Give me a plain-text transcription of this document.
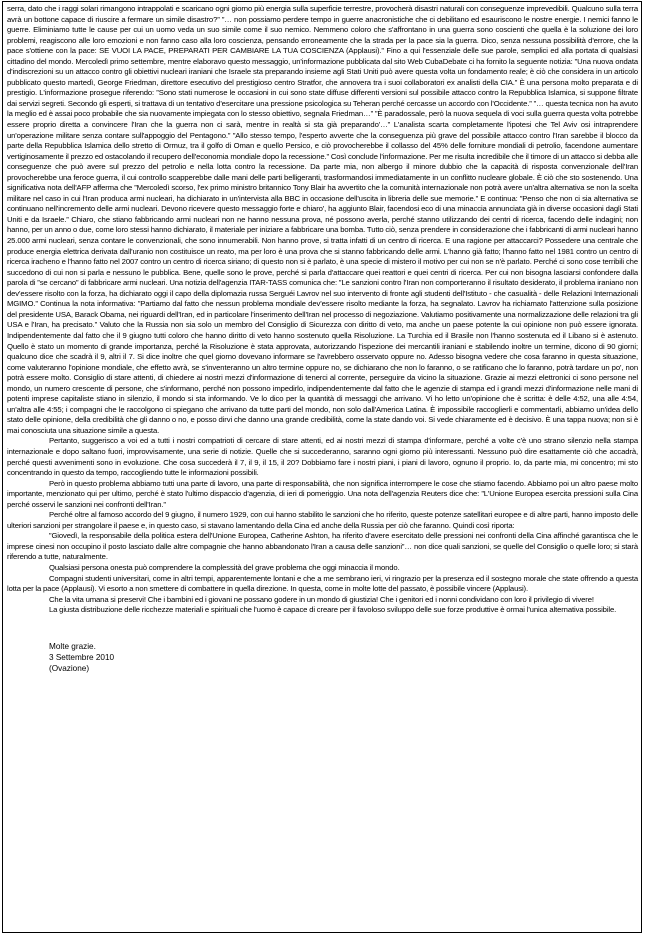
serra, dato che i raggi solari rimangono intrappolati e scaricano ogni giorno più energia sulla superficie terrestre, provocherà disastri naturali con conseguenze imprevedibili. Qualcuno sulla terra avrà un bottone capace di riuscire a fermare un simile disastro?” ”… non possiamo perdere tempo in guerre anacronistiche che ci debilitano ed esauriscono le nostre energie. I nemici fanno le guerre. Eliminiamo tutte le cause per cui un uomo veda un suo simile come il suo nemico. Nemmeno coloro che s'affrontano in una guerra sono coscienti che quella è la soluzione dei loro problemi, reagiscono alle loro emozioni e non fanno caso alla loro coscienza, pensando erroneamente che la strada per la pace sia la guerra. Dico, senza nessuna possibilità d'errore, che la pace s'ottiene con la pace: SE VUOI LA PACE, PREPARATI PER CAMBIARE LA TUA COSCIENZA (Applausi).” Fino a qui l'essenziale delle sue parole, semplici ed alla portata di qualsiasi cittadino del mondo. Mercoledì primo settembre, mentre elaboravo questo messaggio, un'informazione pubblicata dal sito Web CubaDebate ci ha fornito la seguente notizia: ”Una nuova ondata d'indiscrezioni su un attacco contro gli obiettivi nucleari iraniani che Israele sta preparando insieme agli Stati Uniti può avere questa volta un fondamento reale; è ciò che considera in un articolo pubblicato questo martedì, George Friedman, direttore esecutivo del prestigioso centro Stratfor, che annovera tra i suoi collaboratori ex analisti della CIA.” È una persona molto preparata e di prestigio. L'informazione prosegue riferendo: ”Sono stati numerose le occasioni in cui sono state diffuse differenti versioni sul possibile attacco contro la Repubblica Islamica, si suppone filtrate dai servizi segreti. Secondo gli esperti, si trattava di un tentativo d'esercitare una pressione psicologica su Teheran perché cercasse un accordo con l'Occidente.” ”… questa tecnica non ha avuto la meglio ed è assai poco probabile che sia nuovamente impiegata con lo stesso obiettivo, segnala Friedman…” ”È paradossale, però la nuova sequela di voci sulla guerra questa volta potrebbe essere proprio diretta a convincere l'Iran che la guerra non ci sarà, mentre in realtà si sta già preparando'…” L'analista scarta completamente l'ipotesi che Tel Aviv osi intraprendere un'operazione militare senza contare sull'appoggio del Pentagono.” ”Allo stesso tempo, l'esperto avverte che la conseguenza più grave del possibile attacco contro l'Iran sarebbe il blocco da parte della Repubblica Islamica dello stretto di Ormuz, tra il golfo di Oman e quello Persico, e ciò provocherebbe il collasso del 45% delle forniture mondiali di petrolio, facendone aumentare vertiginosamente il prezzo ed ostacolando il recupero dell'economia mondiale dopo la recessione.” Così conclude l'informazione. Per me risulta incredibile che il timore di un attacco si debba alle conseguenze che può avere sul prezzo del petrolio e nella lotta contro la recessione. Da parte mia, non albergo il minore dubbio che la capacità di risposta convenzionale dell'Iran provocherebbe una feroce guerra, il cui controllo scapperebbe dalle mani delle parti belligeranti, trasformandosi immediatamente in un conflitto nucleare globale. È ciò che sto sostenendo. Una significativa nota dell'AFP afferma che ”Mercoledì scorso, l'ex primo ministro britannico Tony Blair ha avvertito che la comunità internazionale non potrà avere un'altra alternativa se non la scelta militare nel caso in cui l'Iran produca armi nucleari, ha dichiarato in un'intervista alla BBC in occasione dell'uscita in libreria delle sue memorie.” E continua: ”Penso che non ci sia alternativa se continuano nell'incremento delle armi nucleari. Devono ricevere questo messaggio forte e chiaro', ha aggiunto Blair, facendosi eco di una minaccia annunciata già in diverse occasioni dagli Stati Uniti e da Israele.” Chiaro, che stiano fabbricando armi nucleari non ne hanno nessuna prova, né possono averla, perché stanno utilizzando dei centri di ricerca, facendo delle indagini; non hanno, per un anno o due, come loro stessi hanno dichiarato, il materiale per iniziare a fabbricare una bomba. Tutto ciò, senza prendere in considerazione che i fabbricanti di armi nucleari hanno 25.000 armi nucleari, senza contare le convenzionali, che sono innumerabili. Non hanno prove, si tratta infatti di un centro di ricerca. E una ragione per attaccarci? Possedere una centrale che produce energia elettrica derivata dall'uranio non costituisce un reato, ma per loro è una prova che si stanno fabbricando delle armi. L'hanno già fatto; l'hanno fatto nel 1981 contro un centro di ricerca iracheno e l'hanno fatto nel 2007 contro un centro di ricerca siriano; di questo non si è parlato, è una specie di mistero il motivo per cui non se n'è parlato. Perché ci sono cose terribili che succedono di cui non si parla e nessuno le pubblica. Bene, quelle sono le prove, perché si parla d'attaccare quei reattori e quei centri di ricerca. Per cui non bisogna lasciarsi confondere dalla parola di ”se cercano” di fabbricare armi nucleari. Una notizia dell'agenzia ITAR-TASS comunica che: ”Le sanzioni contro l'Iran non comporteranno il risultato desiderato, il problema iraniano non dev'essere risolto con la forza, ha dichiarato oggi il capo della diplomazia russa Serguéi Lavrov nel suo intervento di fronte agli studenti dell'Istituto - che casualità - delle Relazioni Internazionali MGIMO.” Continua la nota informativa: ”Partiamo dal fatto che nessun problema mondiale dev'essere risolto mediante la forza, ha segnalato. Lavrov ha richiamato l'attenzione sulla posizione del presidente USA, Barack Obama, nei riguardi dell'Iran, ed in particolare l'inserimento dell'Iran nel processo di negoziazione. Valutiamo positivamente una normalizzazione delle relazioni tra gli USA e l'Iran, ha precisato.” Valuto che la Russia non sia solo un membro del Consiglio di Sicurezza con diritto di veto, ma anche un paese potente la cui opinione non può essere ignorata. Indipendentemente dal fatto che il 9 giugno tutti coloro che hanno diritto di veto hanno sostenuto quella Risoluzione. La Turchia ed il Brasile non l'hanno sostenuta ed il Libano si è astenuto. Quello è stato un momento di grande importanza, perché la Risoluzione è stata approvata, autorizzando l'ispezione dei mercantili iraniani e stabilendo inoltre un termine, dicono di 90 giorni; qualcuno dice che scadrà il 9, altri il 7. Si dice inoltre che quel giorno dovevano informare se l'avrebbero osservato oppure no. Adesso bisogna vedere che cosa faranno in questa situazione, come valuteranno l'opinione mondiale, che effetto avrà, se s'inventeranno un altro termine oppure no, se dichiarano che non lo faranno, o se ratificano che lo faranno, potrà tardare un po', non potrà essere molto. Consiglio di stare attenti, di chiedere ai nostri mezzi d'informazione di tenerci al corrente, perseguire da vicino la situazione. Grazie ai mezzi elettronici ci sono persone nel mondo, un numero crescente di persone, che s'informano, perché non possono impedirlo, indipendentemente dal fatto che le agenzie di stampa ed i grandi mezzi d'informazione nelle mani di potenti imprese capitaliste stiano in silenzio, il mondo si sta informando. Ve lo dico per la quantità di messaggi che arrivano. Vi ho letto un'opinione che è scritta: è delle 4:52, una alle 4:54, un'altra alle 4:55; i compagni che le raccolgono ci spiegano che arrivano da tutte parti del mondo, non solo dall'America Latina. È impossibile raccoglierli e commentarli, abbiamo un'idea dello stato delle opinione, della credibilità che gli danno o no, e posso dirvi che danno una grande credibilità, come la state dando voi. Si vede chiaramente ed è decisivo. È una tappa nuova; non si è mai conosciuta una situazione simile a questa.

Pertanto, suggerisco a voi ed a tutti i nostri compatrioti di cercare di stare attenti, ed ai nostri mezzi di stampa d'informare, perché a volte c'è uno strano silenzio nella stampa internazionale e dopo saltano fuori, improvvisamente, una serie di notizie. Quelle che si succederanno, saranno ogni giorno più interessanti. Nessuno può dire esattamente ciò che accadrà, perché questi avvenimenti sono in evoluzione. Che cosa succederà il 7, il 9, il 15, il 20? Dobbiamo fare i nostri piani, i piani di lavoro, ognuno il proprio. Io, da parte mia, mi concentro; mi sto concentrando in questo da tempo, raccogliendo tutte le informazioni possibili.

Però in questo problema abbiamo tutti una parte di lavoro, una parte di responsabilità, che non significa interrompere le cose che stiamo facendo. Abbiamo poi un altro paese molto importante, menzionato qui per ultimo, perché è stato l'ultimo dispaccio d'agenzia, di ieri di pomeriggio. Una nota dell'agenzia Reuters dice che: ”L'Unione Europea esercita pressioni sulla Cina perché osservi le sanzioni nei confronti dell'Iran.”

Perché oltre al famoso accordo del 9 giugno, il numero 1929, con cui hanno stabilito le sanzioni che ho riferito, queste potenze satellitari europee e di altre parti, hanno imposto delle ulteriori sanzioni per strangolare il paese e, in questo caso, si stavano lamentando della Cina ed anche della Russia per ciò che faranno. Quindi così riporta:

”Giovedì, la responsabile della politica estera dell'Unione Europea, Catherine Ashton, ha riferito d'avere esercitato delle pressioni nei confronti della Cina affinché garantisca che le imprese cinesi non occupino il posto lasciato dalle altre compagnie che hanno abbandonato l'Iran a causa delle sanzioni”… non dice quali sanzioni, se quelle del Consiglio o quelle loro; si starà riferendo a tutte, naturalmente.

Qualsiasi persona onesta può comprendere la complessità del grave problema che oggi minaccia il mondo.

Compagni studenti universitari, come in altri tempi, apparentemente lontani e che a me sembrano ieri, vi ringrazio per la presenza ed il sostegno morale che state offrendo a questa lotta per la pace (Applausi). Vi esorto a non smettere di combattere in quella direzione. In questa, come in molte lotte del passato, è possibile vincere (Applausi).

Che la vita umana si preservi! Che i bambini ed i giovani ne possano godere in un mondo di giustizia! Che i genitori ed i nonni condividano con loro il privilegio di vivere!

La giusta distribuzione delle ricchezze materiali e spirituali che l'uomo è capace di creare per il favoloso sviluppo delle sue forze produttive è ormai l'unica alternativa possibile.

Molte grazie.
3 Settembre 2010
(Ovazione)
